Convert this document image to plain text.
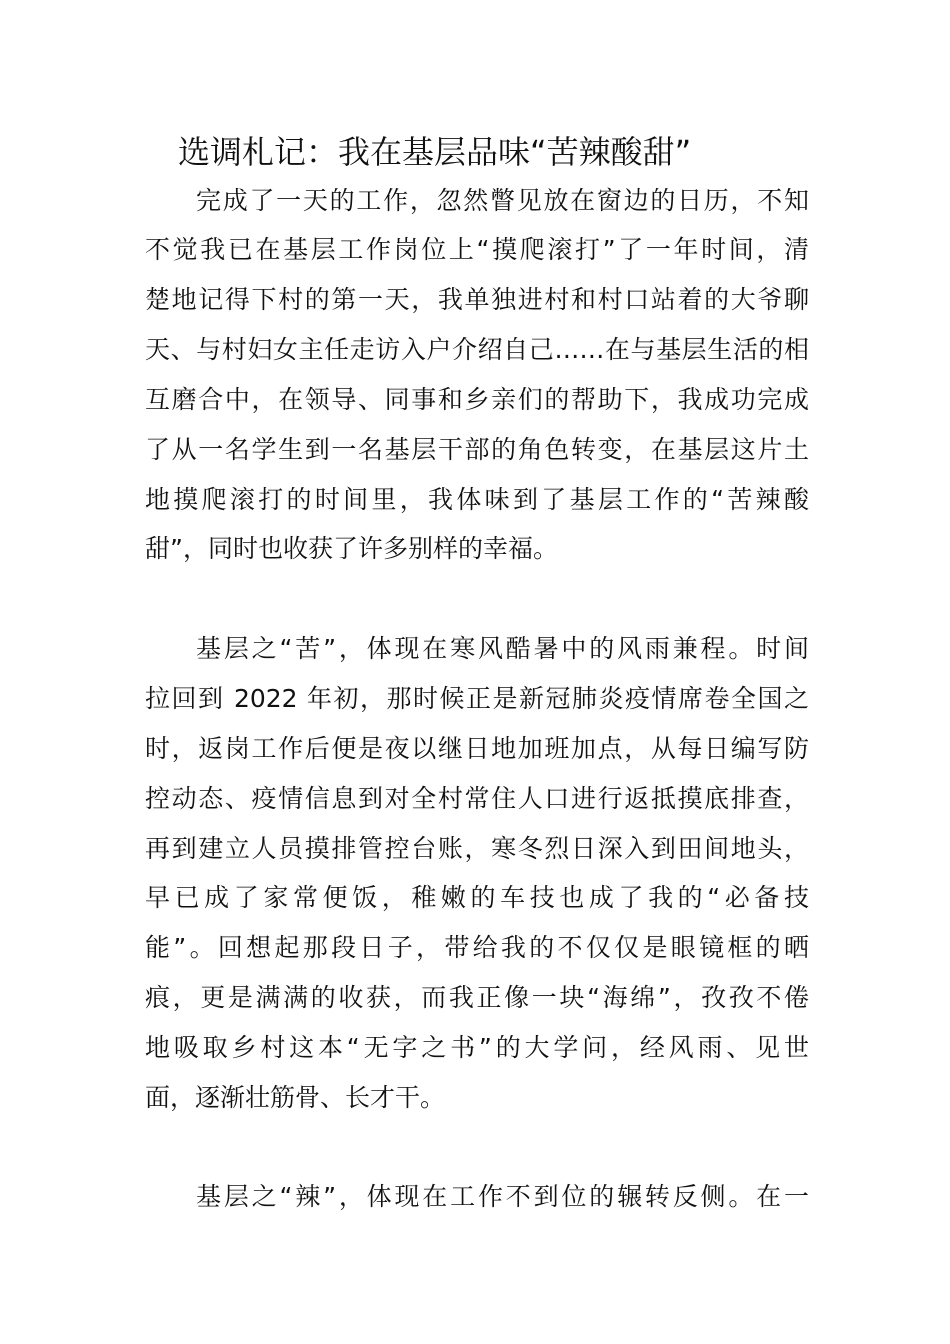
选调札记：我在基层品味“苦辣酸甜”

完成了一天的工作，忽然瞥见放在窗边的日历，不知

不觉我已在基层工作岗位上“摸爬滚打”了一年时间，清

楚地记得下村的第一天，我单独进村和村口站着的大爷聊

天、与村妇女主任走访入户介绍自己……在与基层生活的相

互磨合中，在领导、同事和乡亲们的帮助下，我成功完成

了从一名学生到一名基层干部的角色转变，在基层这片土

地摸爬滚打的时间里，我体味到了基层工作的“苦辣酸

甜”，同时也收获了许多别样的幸福。

基层之“苦”，体现在寒风酷暑中的风雨兼程。时间

拉回到 2022 年初，那时候正是新冠肺炎疫情席卷全国之

时，返岗工作后便是夜以继日地加班加点，从每日编写防

控动态、疫情信息到对全村常住人口进行返抵摸底排查，

再到建立人员摸排管控台账，寒冬烈日深入到田间地头，

早已成了家常便饭，稚嫩的车技也成了我的“必备技

能”。回想起那段日子，带给我的不仅仅是眼镜框的晒

痕，更是满满的收获，而我正像一块“海绵”，孜孜不倦

地吸取乡村这本“无字之书”的大学问，经风雨、见世

面，逐渐壮筋骨、长才干。

基层之“辣”，体现在工作不到位的辗转反侧。在一
